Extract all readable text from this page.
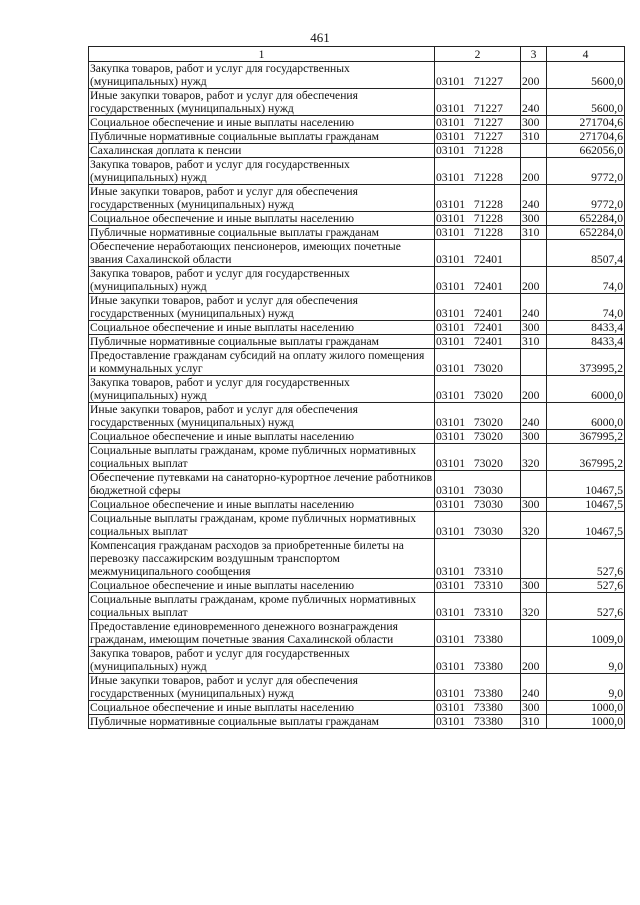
461
1	2	3	4
Закупка товаров, работ и услуг для государственных (муниципальных) нужд	03101 71227	200	5600,0
Иные закупки товаров, работ и услуг для обеспечения государственных (муниципальных) нужд	03101 71227	240	5600,0
Социальное обеспечение и иные выплаты населению	03101 71227	300	271704,6
Публичные нормативные социальные выплаты гражданам	03101 71227	310	271704,6
Сахалинская доплата к пенсии	03101 71228		662056,0
Закупка товаров, работ и услуг для государственных (муниципальных) нужд	03101 71228	200	9772,0
Иные закупки товаров, работ и услуг для обеспечения государственных (муниципальных) нужд	03101 71228	240	9772,0
Социальное обеспечение и иные выплаты населению	03101 71228	300	652284,0
Публичные нормативные социальные выплаты гражданам	03101 71228	310	652284,0
Обеспечение неработающих пенсионеров, имеющих почетные звания Сахалинской области	03101 72401		8507,4
Закупка товаров, работ и услуг для государственных (муниципальных) нужд	03101 72401	200	74,0
Иные закупки товаров, работ и услуг для обеспечения государственных (муниципальных) нужд	03101 72401	240	74,0
Социальное обеспечение и иные выплаты населению	03101 72401	300	8433,4
Публичные нормативные социальные выплаты гражданам	03101 72401	310	8433,4
Предоставление гражданам субсидий на оплату жилого помещения и коммунальных услуг	03101 73020		373995,2
Закупка товаров, работ и услуг для государственных (муниципальных) нужд	03101 73020	200	6000,0
Иные закупки товаров, работ и услуг для обеспечения государственных (муниципальных) нужд	03101 73020	240	6000,0
Социальное обеспечение и иные выплаты населению	03101 73020	300	367995,2
Социальные выплаты гражданам, кроме публичных нормативных социальных выплат	03101 73020	320	367995,2
Обеспечение путевками на санаторно-курортное лечение работников бюджетной сферы	03101 73030		10467,5
Социальное обеспечение и иные выплаты населению	03101 73030	300	10467,5
Социальные выплаты гражданам, кроме публичных нормативных социальных выплат	03101 73030	320	10467,5
Компенсация гражданам расходов за приобретенные билеты на перевозку пассажирским воздушным транспортом межмуниципального сообщения	03101 73310		527,6
Социальное обеспечение и иные выплаты населению	03101 73310	300	527,6
Социальные выплаты гражданам, кроме публичных нормативных социальных выплат	03101 73310	320	527,6
Предоставление единовременного денежного вознаграждения гражданам, имеющим почетные звания Сахалинской области	03101 73380		1009,0
Закупка товаров, работ и услуг для государственных (муниципальных) нужд	03101 73380	200	9,0
Иные закупки товаров, работ и услуг для обеспечения государственных (муниципальных) нужд	03101 73380	240	9,0
Социальное обеспечение и иные выплаты населению	03101 73380	300	1000,0
Публичные нормативные социальные выплаты гражданам	03101 73380	310	1000,0
